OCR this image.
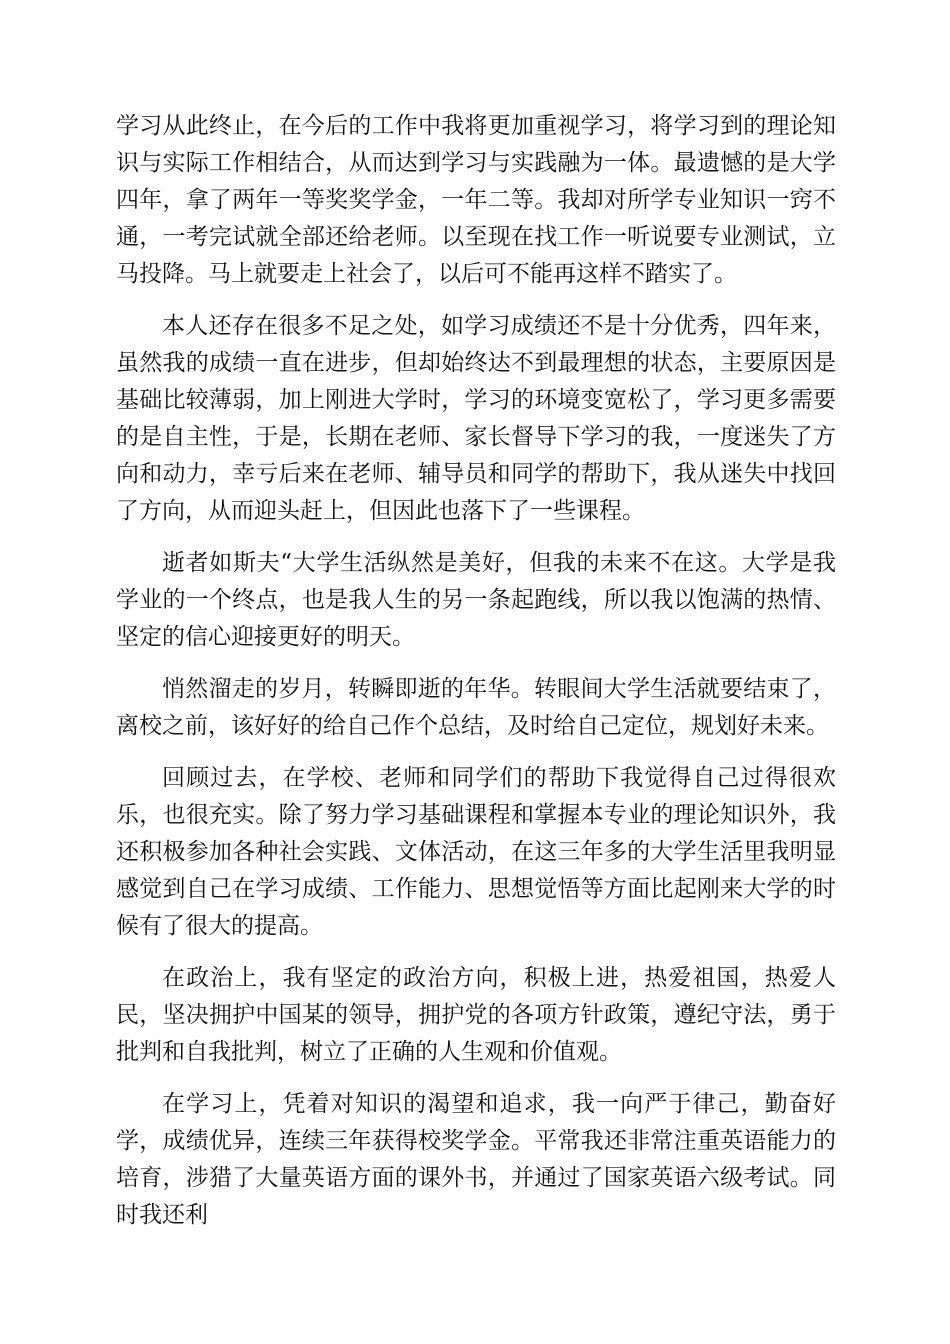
学习从此终止，在今后的工作中我将更加重视学习，将学习到的理论知识与实际工作相结合，从而达到学习与实践融为一体。最遗憾的是大学四年，拿了两年一等奖奖学金，一年二等。我却对所学专业知识一窍不通，一考完试就全部还给老师。以至现在找工作一听说要专业测试，立马投降。马上就要走上社会了，以后可不能再这样不踏实了。

本人还存在很多不足之处，如学习成绩还不是十分优秀，四年来，虽然我的成绩一直在进步，但却始终达不到最理想的状态，主要原因是基础比较薄弱，加上刚进大学时，学习的环境变宽松了，学习更多需要的是自主性，于是，长期在老师、家长督导下学习的我，一度迷失了方向和动力，幸亏后来在老师、辅导员和同学的帮助下，我从迷失中找回了方向，从而迎头赶上，但因此也落下了一些课程。

逝者如斯夫“大学生活纵然是美好，但我的未来不在这。大学是我学业的一个终点，也是我人生的另一条起跑线，所以我以饱满的热情、坚定的信心迎接更好的明天。

悄然溜走的岁月，转瞬即逝的年华。转眼间大学生活就要结束了，离校之前，该好好的给自己作个总结，及时给自己定位，规划好未来。

回顾过去，在学校、老师和同学们的帮助下我觉得自己过得很欢乐，也很充实。除了努力学习基础课程和掌握本专业的理论知识外，我还积极参加各种社会实践、文体活动，在这三年多的大学生活里我明显感觉到自己在学习成绩、工作能力、思想觉悟等方面比起刚来大学的时候有了很大的提高。

在政治上，我有坚定的政治方向，积极上进，热爱祖国，热爱人民，坚决拥护中国某的领导，拥护党的各项方针政策，遵纪守法，勇于批判和自我批判，树立了正确的人生观和价值观。

在学习上，凭着对知识的渴望和追求，我一向严于律己，勤奋好学，成绩优异，连续三年获得校奖学金。平常我还非常注重英语能力的培育，涉猎了大量英语方面的课外书，并通过了国家英语六级考试。同时我还利
